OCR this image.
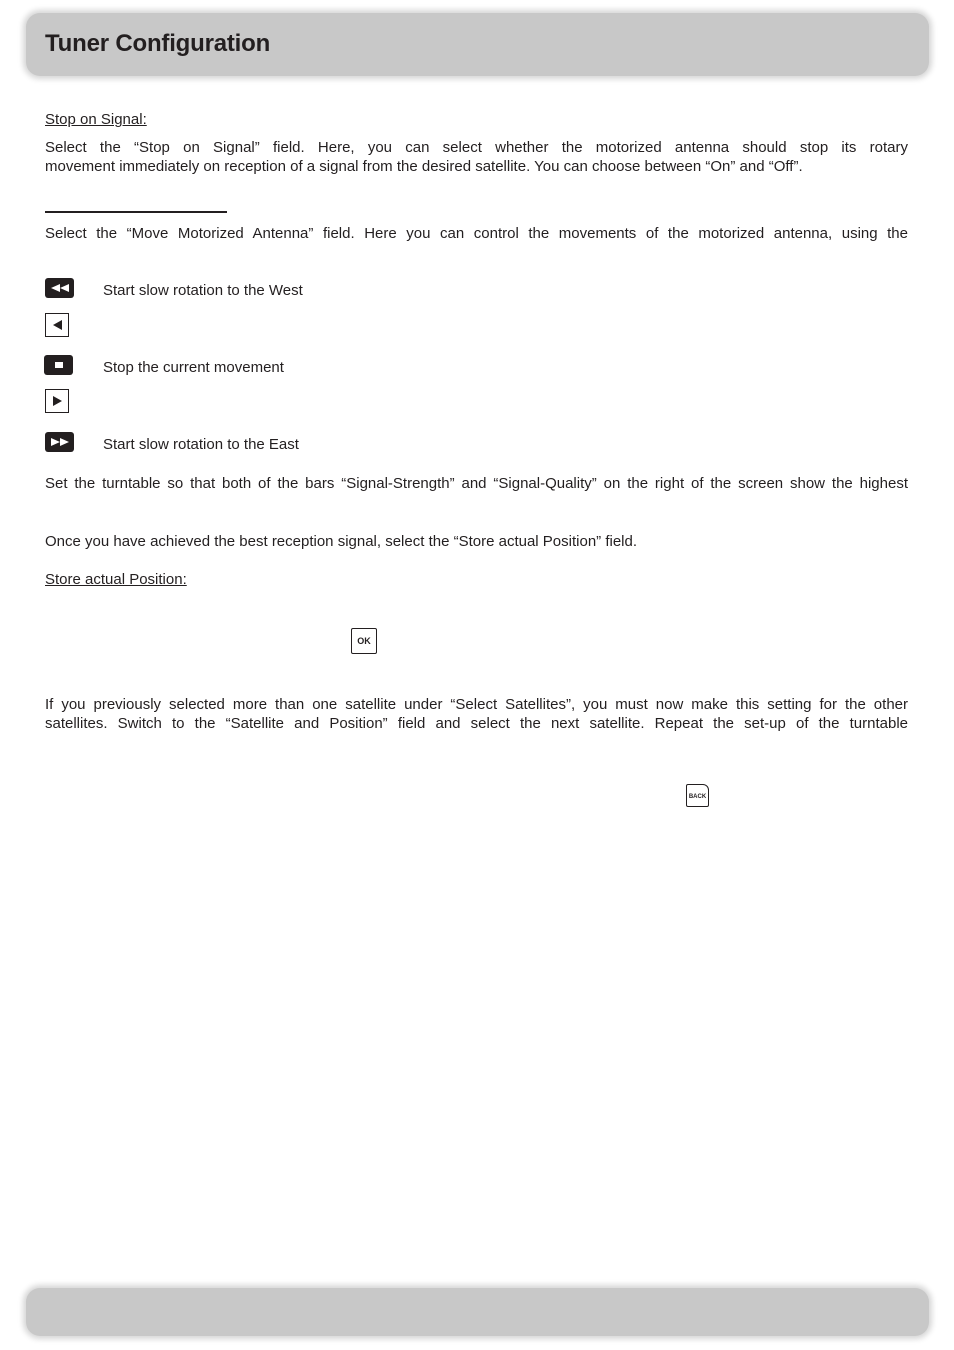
Tuner Configuration
Stop on Signal:
Select the “Stop on Signal” field. Here, you can select whether the motorized antenna should stop its rotary
movement immediately on reception of a signal from the desired satellite. You can choose between “On” and “Off”.
Select the “Move Motorized Antenna” field. Here you can control the movements of the motorized antenna, using the
Start slow rotation to the West
Stop the current movement
Start slow rotation to the East
Set the turntable so that both of the bars “Signal-Strength” and “Signal-Quality” on the right of the screen show the highest
Once you have achieved the best reception signal, select the “Store actual Position” field.
Store actual Position:
OK
If you previously selected more than one satellite under “Select Satellites”, you must now make this setting for the other
satellites. Switch to the “Satellite and Position” field and select the next satellite. Repeat the set-up of the turntable
BACK
